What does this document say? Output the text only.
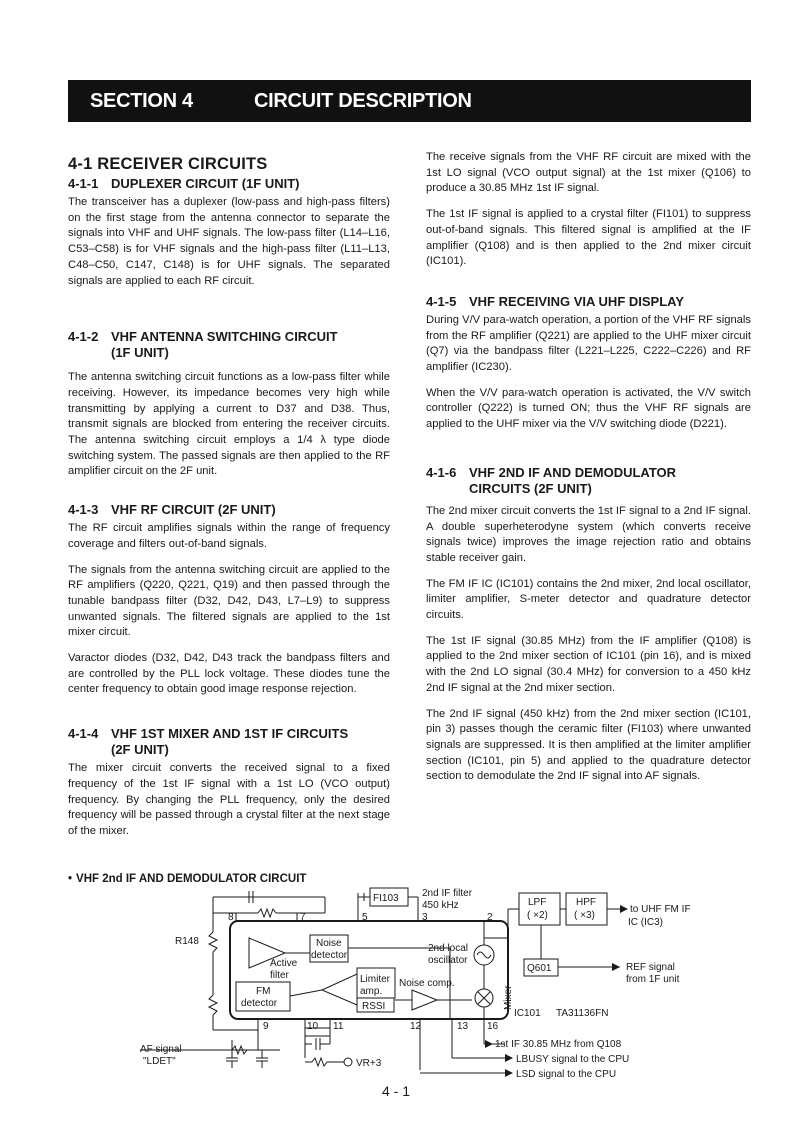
SECTION 4	CIRCUIT DESCRIPTION
4-1 RECEIVER CIRCUITS
4-1-1 DUPLEXER CIRCUIT (1F UNIT)

The transceiver has a duplexer (low-pass and high-pass filters) on the first stage from the antenna connector to separate the signals into VHF and UHF signals. The low-pass filter (L14–L16, C53–C58) is for VHF signals and the high-pass filter (L11–L13, C48–C50, C147, C148) is for UHF signals. The separated signals are applied to each RF circuit.

4-1-2 VHF ANTENNA SWITCHING CIRCUIT
(1F UNIT)

The antenna switching circuit functions as a low-pass filter while receiving. However, its impedance becomes very high while transmitting by applying a current to D37 and D38. Thus, transmit signals are blocked from entering the receiver circuits. The antenna switching circuit employs a 1/4 λ type diode switching system. The passed signals are then applied to the RF amplifier circuit on the 2F unit.

4-1-3 VHF RF CIRCUIT (2F UNIT)

The RF circuit amplifies signals within the range of frequency coverage and filters out-of-band signals.

The signals from the antenna switching circuit are applied to the RF amplifiers (Q220, Q221, Q19) and then passed through the tunable bandpass filter (D32, D42, D43, L7–L9) to suppress unwanted signals. The filtered signals are applied to the 1st mixer circuit.

Varactor diodes (D32, D42, D43 track the bandpass filters and are controlled by the PLL lock voltage. These diodes tune the center frequency to obtain good image response rejection.

4-1-4 VHF 1ST MIXER AND 1ST IF CIRCUITS
(2F UNIT)

The mixer circuit converts the received signal to a fixed frequency of the 1st IF signal with a 1st LO (VCO output) frequency. By changing the PLL frequency, only the desired frequency will be passed through a crystal filter at the next stage of the mixer.

The receive signals from the VHF RF circuit are mixed with the 1st LO signal (VCO output signal) at the 1st mixer (Q106) to produce a 30.85 MHz 1st IF signal.

The 1st IF signal is applied to a crystal filter (FI101) to suppress out-of-band signals. This filtered signal is amplified at the IF amplifier (Q108) and is then applied to the 2nd mixer circuit (IC101).

4-1-5 VHF RECEIVING VIA UHF DISPLAY

During V/V para-watch operation, a portion of the VHF RF signals from the RF amplifier (Q221) are applied to the UHF mixer circuit (Q7) via the bandpass filter (L221–L225, C222–C226) and RF amplifier (IC230).

When the V/V para-watch operation is activated, the V/V switch controller (Q222) is turned ON; thus the VHF RF signals are applied to the UHF mixer via the V/V switching diode (D221).

4-1-6 VHF 2ND IF AND DEMODULATOR
CIRCUITS (2F UNIT)

The 2nd mixer circuit converts the 1st IF signal to a 2nd IF signal. A double superheterodyne system (which converts receive signals twice) improves the image rejection ratio and obtains stable receiver gain.

The FM IF IC (IC101) contains the 2nd mixer, 2nd local oscillator, limiter amplifier, S-meter detector and quadrature detector circuits.

The 1st IF signal (30.85 MHz) from the IF amplifier (Q108) is applied to the 2nd mixer section of IC101 (pin 16), and is mixed with the 2nd LO signal (30.4 MHz) for conversion to a 450 kHz 2nd IF signal at the 2nd mixer section.

The 2nd IF signal (450 kHz) from the 2nd mixer section (IC101, pin 3) passes though the ceramic filter (FI103) where unwanted signals are suppressed. It is then amplified at the limiter amplifier section (IC101, pin 5) and applied to the quadrature detector section to demodulate the 2nd IF signal into AF signals.

• VHF 2nd IF AND DEMODULATOR CIRCUIT
FI103 2nd IF filter
450 kHz	LPF
( ×2)
HPF
( ×3)
to UHF FM IF
IC (IC3)
Q601	REF signal
from 1F unit
R148	Noise
detector
Active
filter
FM
detector
Limiter
amp.
Noise comp.
RSSI
2nd local
oscillator
Mixer
IC101 TA31136FN
8	7	5	3	2
9	10 11	12	13 16
AF signal
"LDET"	VR+3
1st IF 30.85 MHz from Q108
LBUSY signal to the CPU
LSD signal to the CPU
4 - 1
